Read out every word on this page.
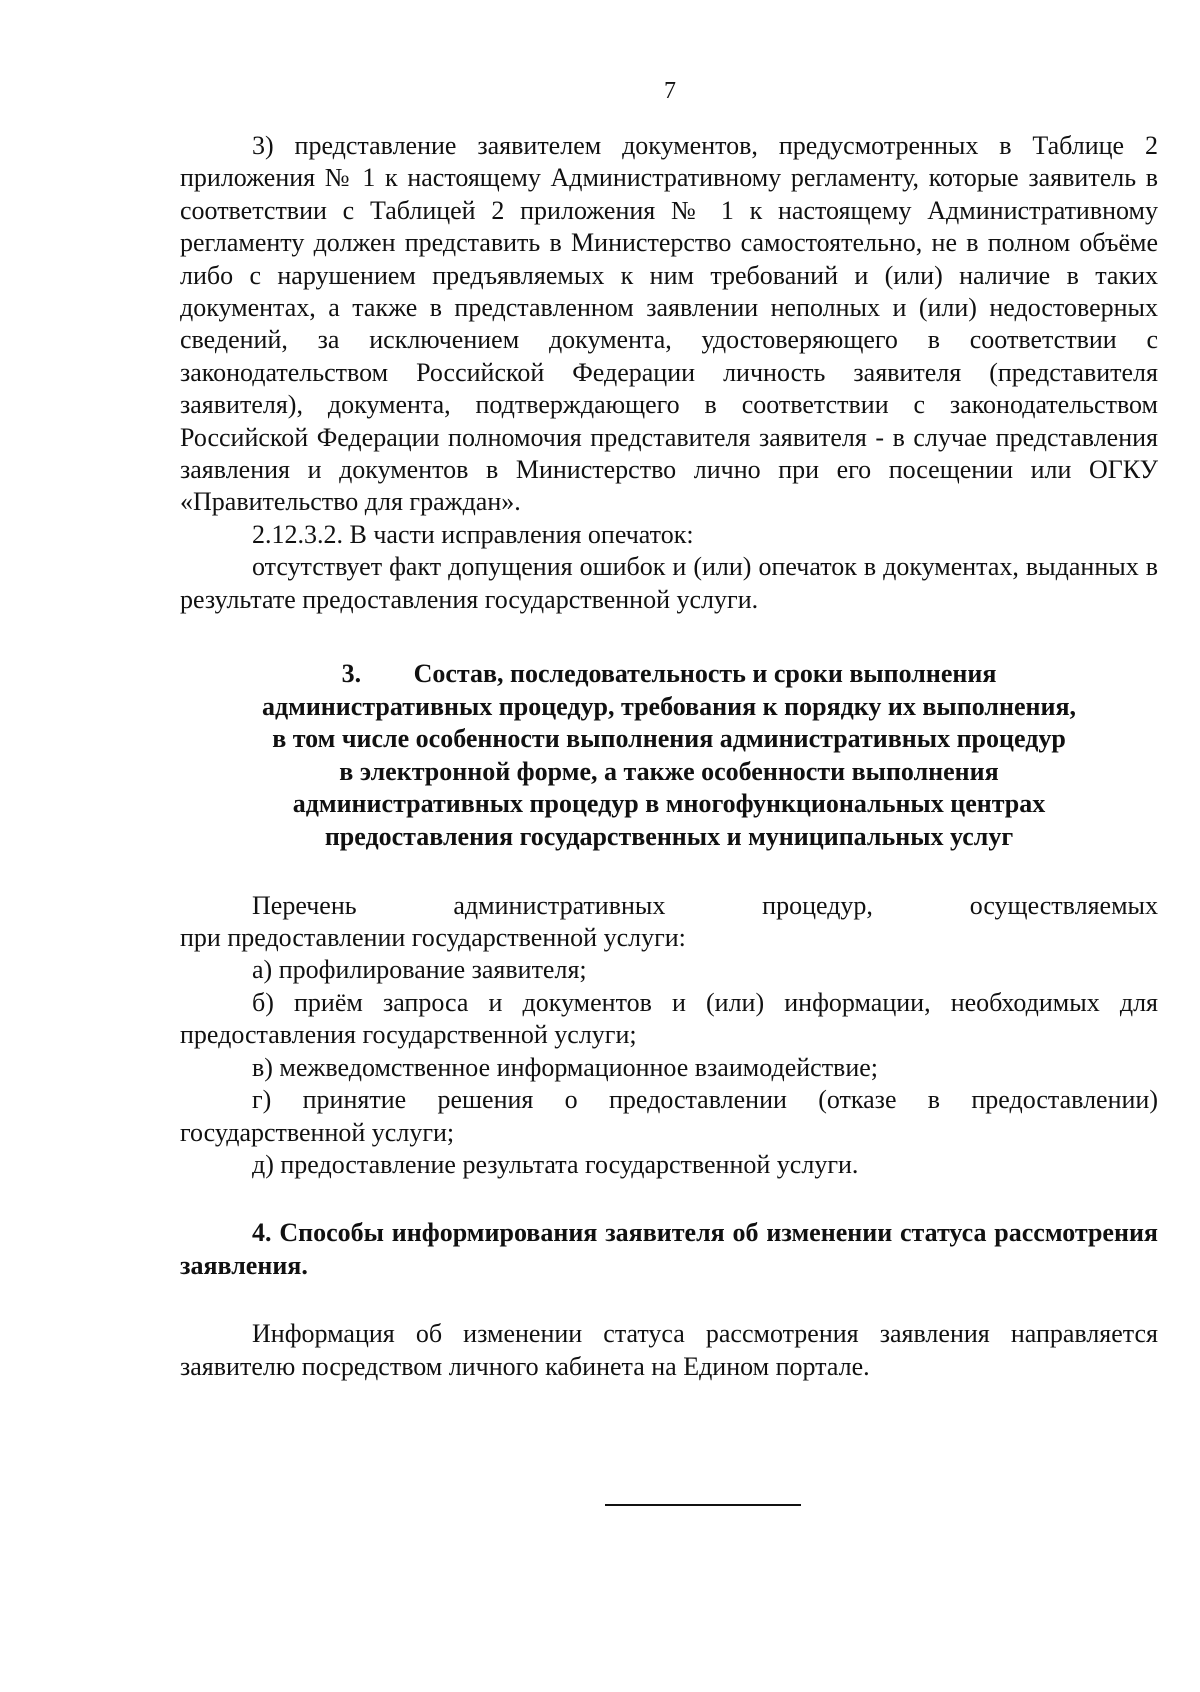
7

3) представление заявителем документов, предусмотренных в Таблице 2 приложения № 1 к настоящему Административному регламенту, которые заявитель в соответствии с Таблицей 2 приложения № 1 к настоящему Административному регламенту должен представить в Министерство самостоятельно, не в полном объёме либо с нарушением предъявляемых к ним требований и (или) наличие в таких документах, а также в представленном заявлении неполных и (или) недостоверных сведений, за исключением документа, удостоверяющего в соответствии с законодательством Российской Федерации личность заявителя (представителя заявителя), документа, подтверждающего в соответствии с законодательством Российской Федерации полномочия представителя заявителя - в случае представления заявления и документов в Министерство лично при его посещении или ОГКУ «Правительство для граждан».

2.12.3.2. В части исправления опечаток:

отсутствует факт допущения ошибок и (или) опечаток в документах, выданных в результате предоставления государственной услуги.

3. Состав, последовательность и сроки выполнения
административных процедур, требования к порядку их выполнения,
в том числе особенности выполнения административных процедур
в электронной форме, а также особенности выполнения
административных процедур в многофункциональных центрах
предоставления государственных и муниципальных услуг

Перечень административных процедур, осуществляемых

при предоставлении государственной услуги:

а) профилирование заявителя;

б) приём запроса и документов и (или) информации, необходимых для предоставления государственной услуги;

в) межведомственное информационное взаимодействие;

г) принятие решения о предоставлении (отказе в предоставлении) государственной услуги;

д) предоставление результата государственной услуги.

4. Способы информирования заявителя об изменении статуса рассмотрения заявления.

Информация об изменении статуса рассмотрения заявления направляется заявителю посредством личного кабинета на Едином портале.
